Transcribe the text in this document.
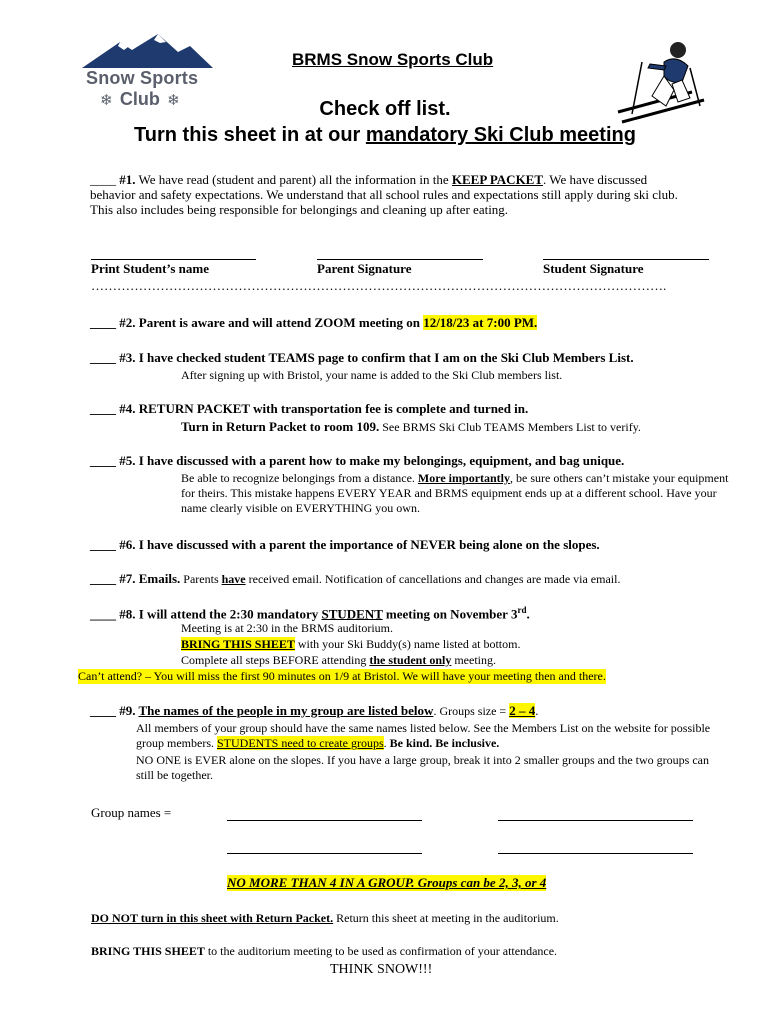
Snow Sports
❄ Club ❄
BRMS Snow Sports Club
Check off list.
Turn this sheet in at our mandatory Ski Club meeting
____ #1. We have read (student and parent) all the information in the KEEP PACKET. We have discussed behavior and safety expectations. We understand that all school rules and expectations still apply during ski club. This also includes being responsible for belongings and cleaning up after eating.
Print Student’s name	Parent Signature	Student Signature
…………………………………………………………………………………………………………………….
____ #2. Parent is aware and will attend ZOOM meeting on 12/18/23 at 7:00 PM.
____ #3. I have checked student TEAMS page to confirm that I am on the Ski Club Members List.
After signing up with Bristol, your name is added to the Ski Club members list.
____ #4. RETURN PACKET with transportation fee is complete and turned in.
Turn in Return Packet to room 109. See BRMS Ski Club TEAMS Members List to verify.
____ #5. I have discussed with a parent how to make my belongings, equipment, and bag unique.
Be able to recognize belongings from a distance. More importantly, be sure others can’t mistake your equipment for theirs. This mistake happens EVERY YEAR and BRMS equipment ends up at a different school. Have your name clearly visible on EVERYTHING you own.
____ #6. I have discussed with a parent the importance of NEVER being alone on the slopes.
____ #7. Emails. Parents have received email. Notification of cancellations and changes are made via email.
____ #8. I will attend the 2:30 mandatory STUDENT meeting on November 3rd.
Meeting is at 2:30 in the BRMS auditorium.
BRING THIS SHEET with your Ski Buddy(s) name listed at bottom.
Complete all steps BEFORE attending the student only meeting.
Can’t attend? – You will miss the first 90 minutes on 1/9 at Bristol. We will have your meeting then and there.
____ #9. The names of the people in my group are listed below. Groups size = 2 – 4.
All members of your group should have the same names listed below. See the Members List on the website for possible group members. STUDENTS need to create groups. Be kind. Be inclusive.
NO ONE is EVER alone on the slopes. If you have a large group, break it into 2 smaller groups and the two groups can still be together.
Group names =
NO MORE THAN 4 IN A GROUP. Groups can be 2, 3, or 4
DO NOT turn in this sheet with Return Packet. Return this sheet at meeting in the auditorium.
BRING THIS SHEET to the auditorium meeting to be used as confirmation of your attendance.
THINK SNOW!!!
